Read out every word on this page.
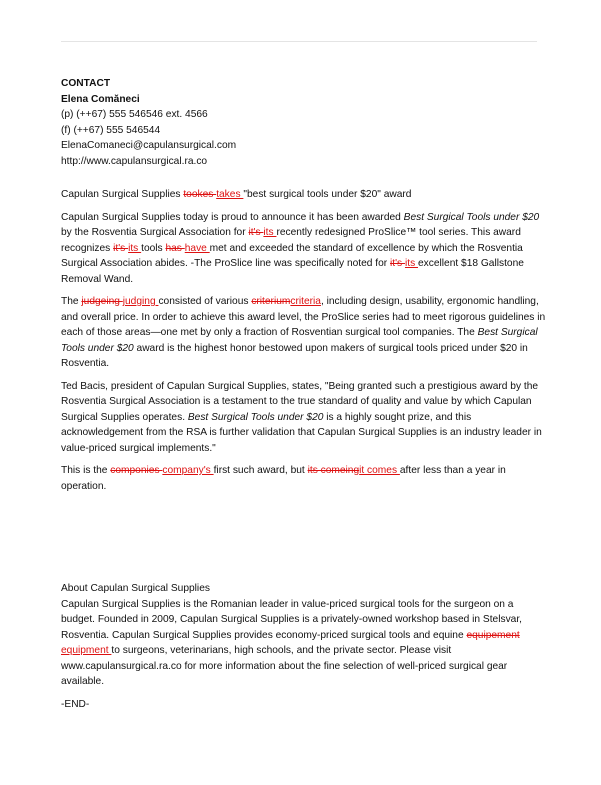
CONTACT

Elena Comăneci

(p) (++67) 555 546546 ext. 4566

(f) (++67) 555 546544

ElenaComaneci@capulansurgical.com

http://www.capulansurgical.ra.co

Capulan Surgical Supplies tookes takes "best surgical tools under $20" award

Capulan Surgical Supplies today is proud to announce it has been awarded Best Surgical Tools under $20 by the Rosventia Surgical Association for it's its recently redesigned ProSlice™ tool series. This award recognizes it's its tools has have met and exceeded the standard of excellence by which the Rosventia Surgical Association abides. -The ProSlice line was specifically noted for it's its excellent $18 Gallstone Removal Wand.

The judgeing judging consisted of various criteriumcriteria, including design, usability, ergonomic handling, and overall price. In order to achieve this award level, the ProSlice series had to meet rigorous guidelines in each of those areas—one met by only a fraction of Rosventian surgical tool companies. The Best Surgical Tools under $20 award is the highest honor bestowed upon makers of surgical tools priced under $20 in Rosventia.

Ted Bacis, president of Capulan Surgical Supplies, states, "Being granted such a prestigious award by the Rosventia Surgical Association is a testament to the true standard of quality and value by which Capulan Surgical Supplies operates. Best Surgical Tools under $20 is a highly sought prize, and this acknowledgement from the RSA is further validation that Capulan Surgical Supplies is an industry leader in value-priced surgical implements."

This is the componies company's first such award, but its comeingit comes after less than a year in operation.

About Capulan Surgical Supplies
Capulan Surgical Supplies is the Romanian leader in value-priced surgical tools for the surgeon on a budget. Founded in 2009, Capulan Surgical Supplies is a privately-owned workshop based in Stelsvar, Rosventia. Capulan Surgical Supplies provides economy-priced surgical tools and equine equipement equipment to surgeons, veterinarians, high schools, and the private sector. Please visit www.capulansurgical.ra.co for more information about the fine selection of well-priced surgical gear available.

-END-
